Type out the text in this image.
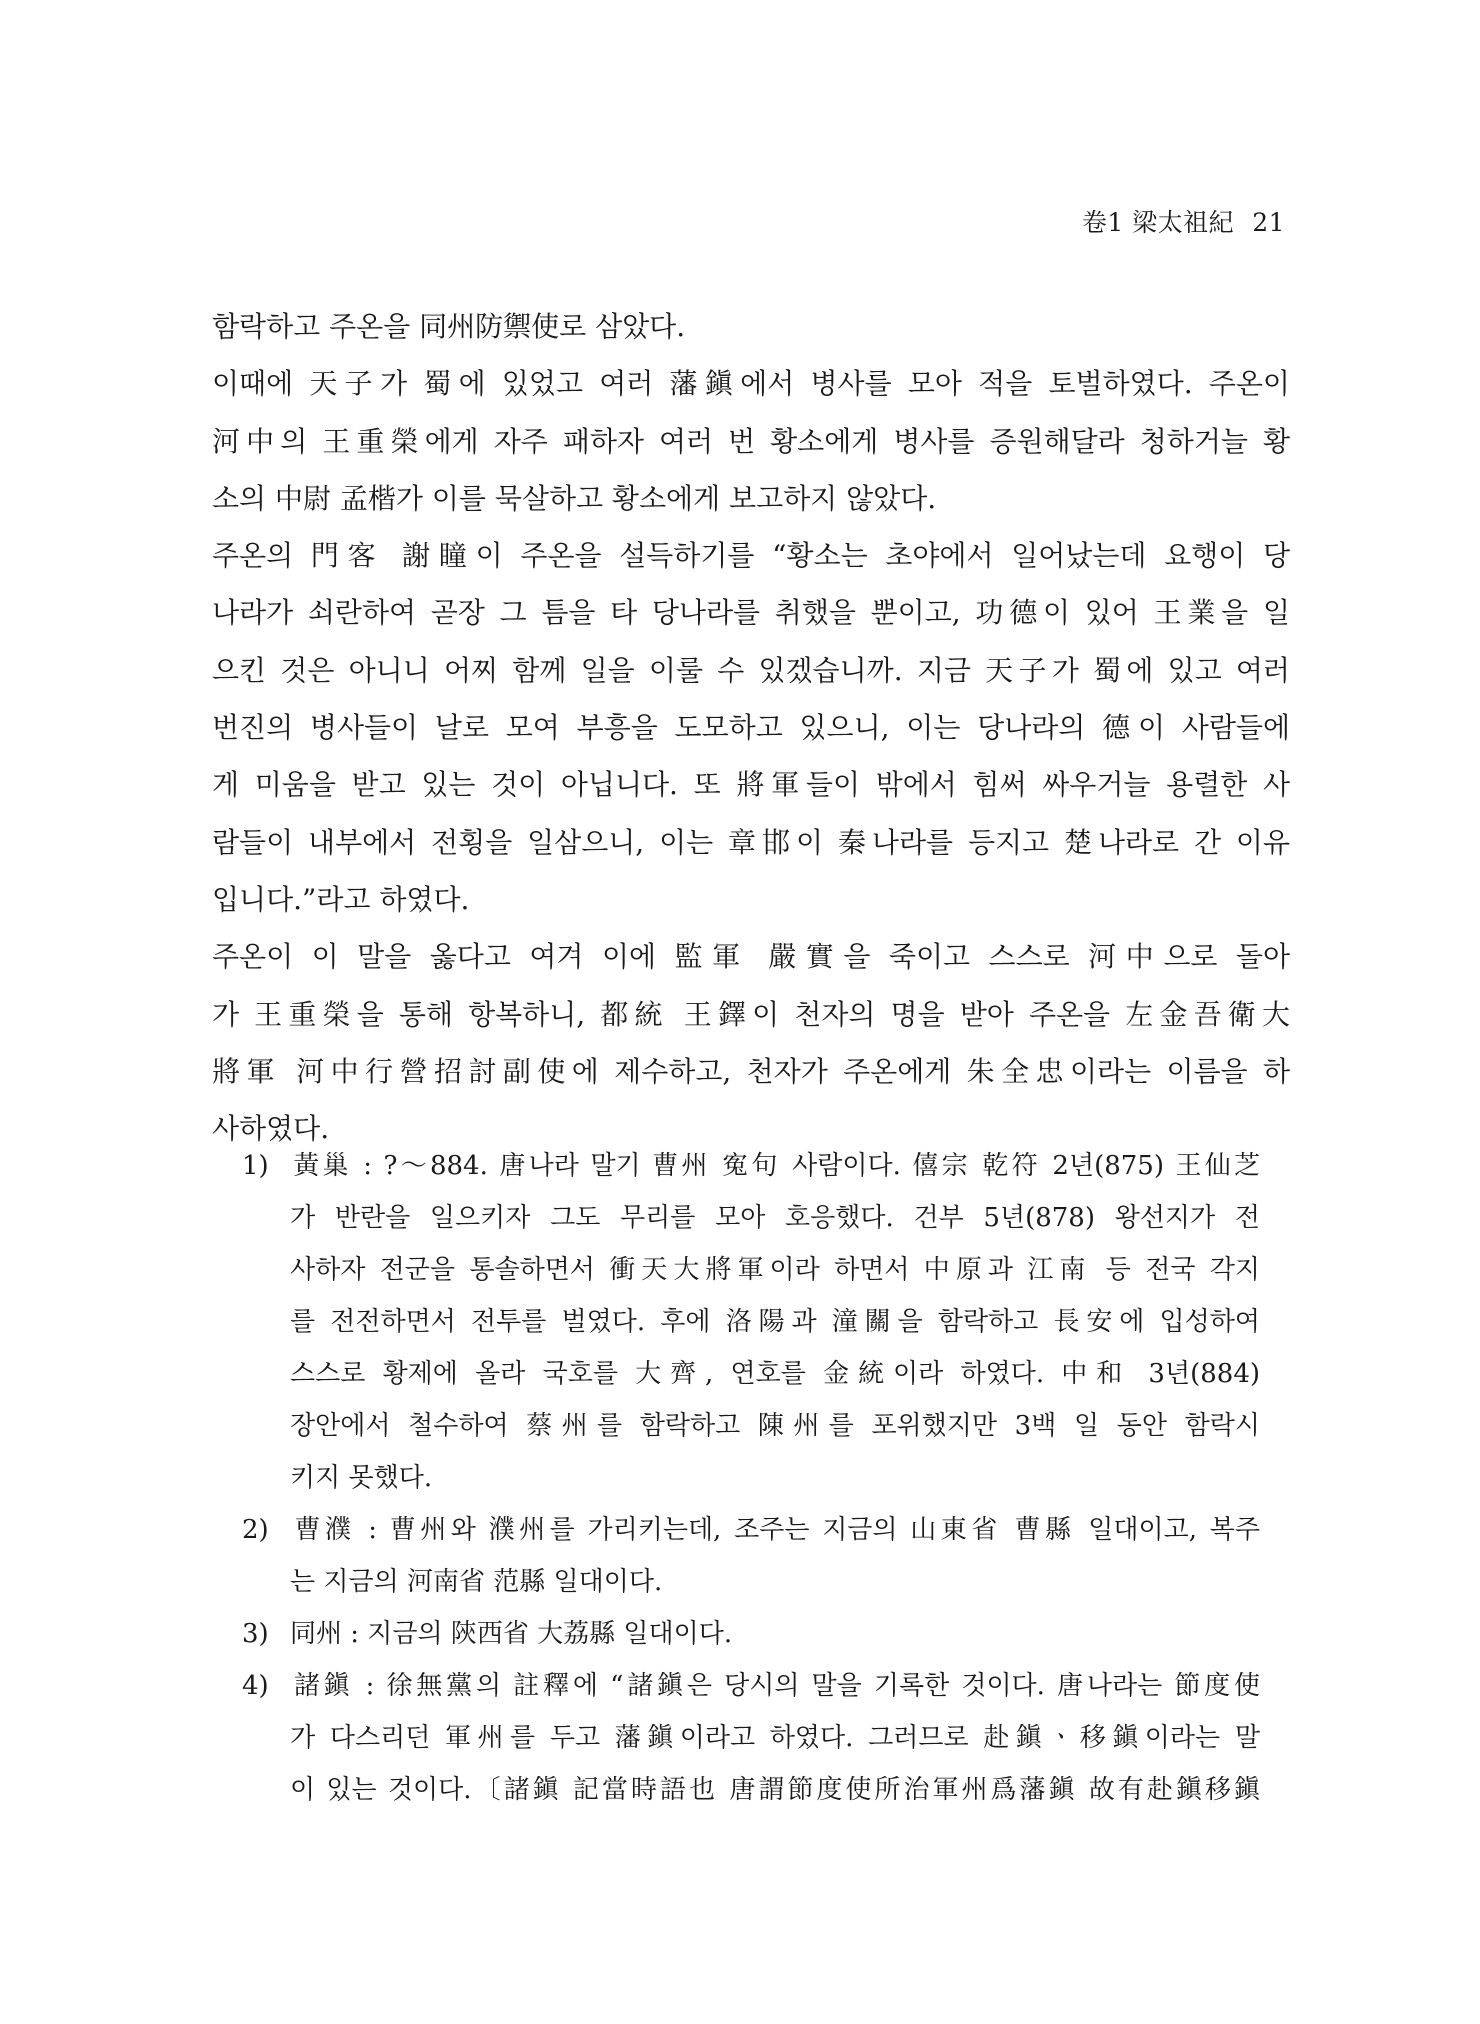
卷1 梁太祖紀 21
함락하고 주온을 同州防禦使로 삼았다.
이때에 天子가 蜀에 있었고 여러 藩鎭에서 병사를 모아 적을 토벌하였다. 주온이
河中의 王重榮에게 자주 패하자 여러 번 황소에게 병사를 증원해달라 청하거늘 황
소의 中尉 孟楷가 이를 묵살하고 황소에게 보고하지 않았다.
주온의 門客 謝瞳이 주온을 설득하기를 “황소는 초야에서 일어났는데 요행이 당
나라가 쇠란하여 곧장 그 틈을 타 당나라를 취했을 뿐이고, 功德이 있어 王業을 일
으킨 것은 아니니 어찌 함께 일을 이룰 수 있겠습니까. 지금 天子가 蜀에 있고 여러
번진의 병사들이 날로 모여 부흥을 도모하고 있으니, 이는 당나라의 德이 사람들에
게 미움을 받고 있는 것이 아닙니다. 또 將軍들이 밖에서 힘써 싸우거늘 용렬한 사
람들이 내부에서 전횡을 일삼으니, 이는 章邯이 秦나라를 등지고 楚나라로 간 이유
입니다.”라고 하였다.
주온이 이 말을 옳다고 여겨 이에 監軍 嚴實을 죽이고 스스로 河中으로 돌아
가 王重榮을 통해 항복하니, 都統 王鐸이 천자의 명을 받아 주온을 左金吾衛大
將軍 河中行營招討副使에 제수하고, 천자가 주온에게 朱全忠이라는 이름을 하
사하였다.
1) 黃巢 : ?～884. 唐나라 말기 曹州 寃句 사람이다. 僖宗 乾符 2년(875) 王仙芝
가 반란을 일으키자 그도 무리를 모아 호응했다. 건부 5년(878) 왕선지가 전
사하자 전군을 통솔하면서 衝天大將軍이라 하면서 中原과 江南 등 전국 각지
를 전전하면서 전투를 벌였다. 후에 洛陽과 潼關을 함락하고 長安에 입성하여
스스로 황제에 올라 국호를 大齊, 연호를 金統이라 하였다. 中和 3년(884)
장안에서 철수하여 蔡州를 함락하고 陳州를 포위했지만 3백 일 동안 함락시
키지 못했다.
2) 曹濮 : 曹州와 濮州를 가리키는데, 조주는 지금의 山東省 曹縣 일대이고, 복주
는 지금의 河南省 范縣 일대이다.
3) 同州 : 지금의 陝西省 大荔縣 일대이다.
4) 諸鎭 : 徐無黨의 註釋에 “諸鎭은 당시의 말을 기록한 것이다. 唐나라는 節度使
가 다스리던 軍州를 두고 藩鎭이라고 하였다. 그러므로 赴鎭ㆍ移鎭이라는 말
이 있는 것이다.〔諸鎭 記當時語也 唐謂節度使所治軍州爲藩鎭 故有赴鎭移鎭
